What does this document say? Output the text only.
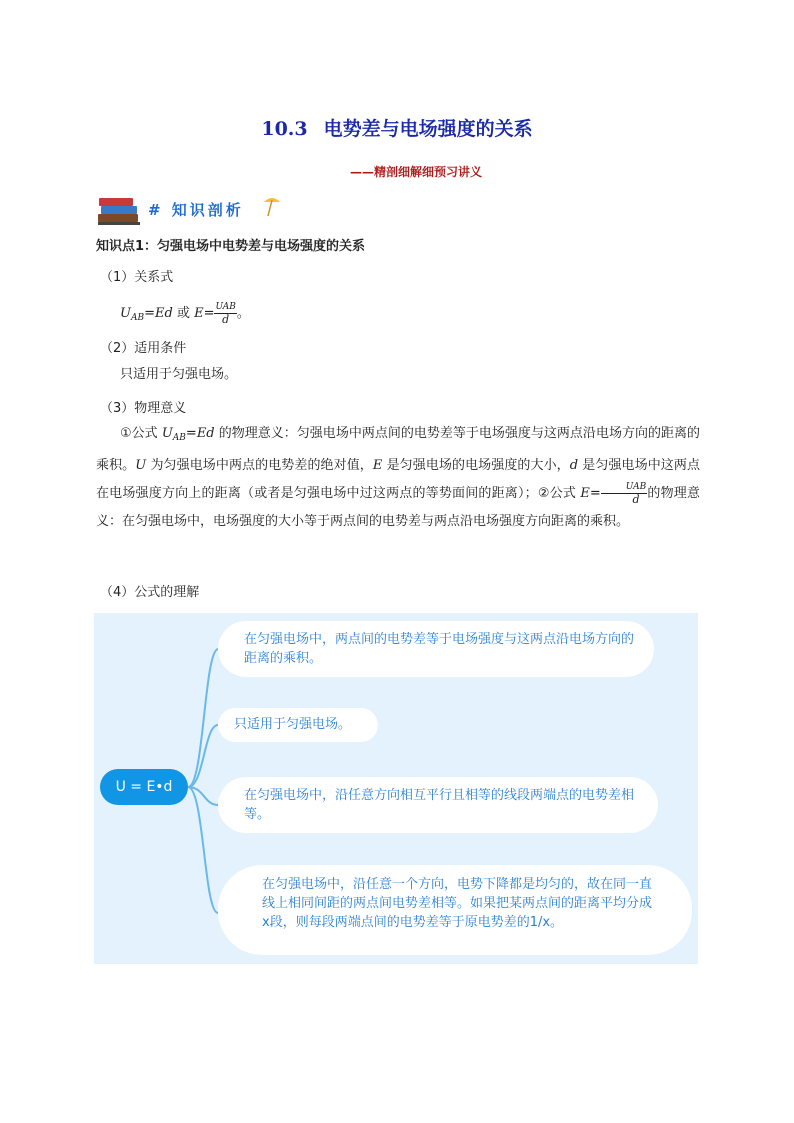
10.3 电势差与电场强度的关系
——精剖细解细预习讲义
# 知识剖析
知识点1：匀强电场中电势差与电场强度的关系
（1）关系式
$U_{AB}=Ed$ 或 $E= \frac{\text{UAB}}{d}$ 。
（2）适用条件
只适用于匀强电场。
（3）物理意义
①公式 $U_{AB}=Ed$ 的物理意义：匀强电场中两点间的电势差等于电场强度与这两点沿电场方向的距离的乘积。U 为匀强电场中两点的电势差的绝对值，E 是匀强电场的电场强度的大小，d 是匀强电场中这两点在电场强度方向上的距离（或者是匀强电场中过这两点的等势面间的距离）；②公式 $E= \frac{\text{UAB}}{d}$ 的物理意义：在匀强电场中，电场强度的大小等于两点间的电势差与两点沿电场强度方向距离的乘积。
（4）公式的理解
U = E•d
在匀强电场中，两点间的电势差等于电场强度与这两点沿电场方向的距离的乘积。
只适用于匀强电场。
在匀强电场中，沿任意方向相互平行且相等的线段两端点的电势差相等。
在匀强电场中，沿任意一个方向，电势下降都是均匀的，故在同一直线上相同间距的两点间电势差相等。如果把某两点间的距离平均分成x段，则每段两端点间的电势差等于原电势差的1/x。
